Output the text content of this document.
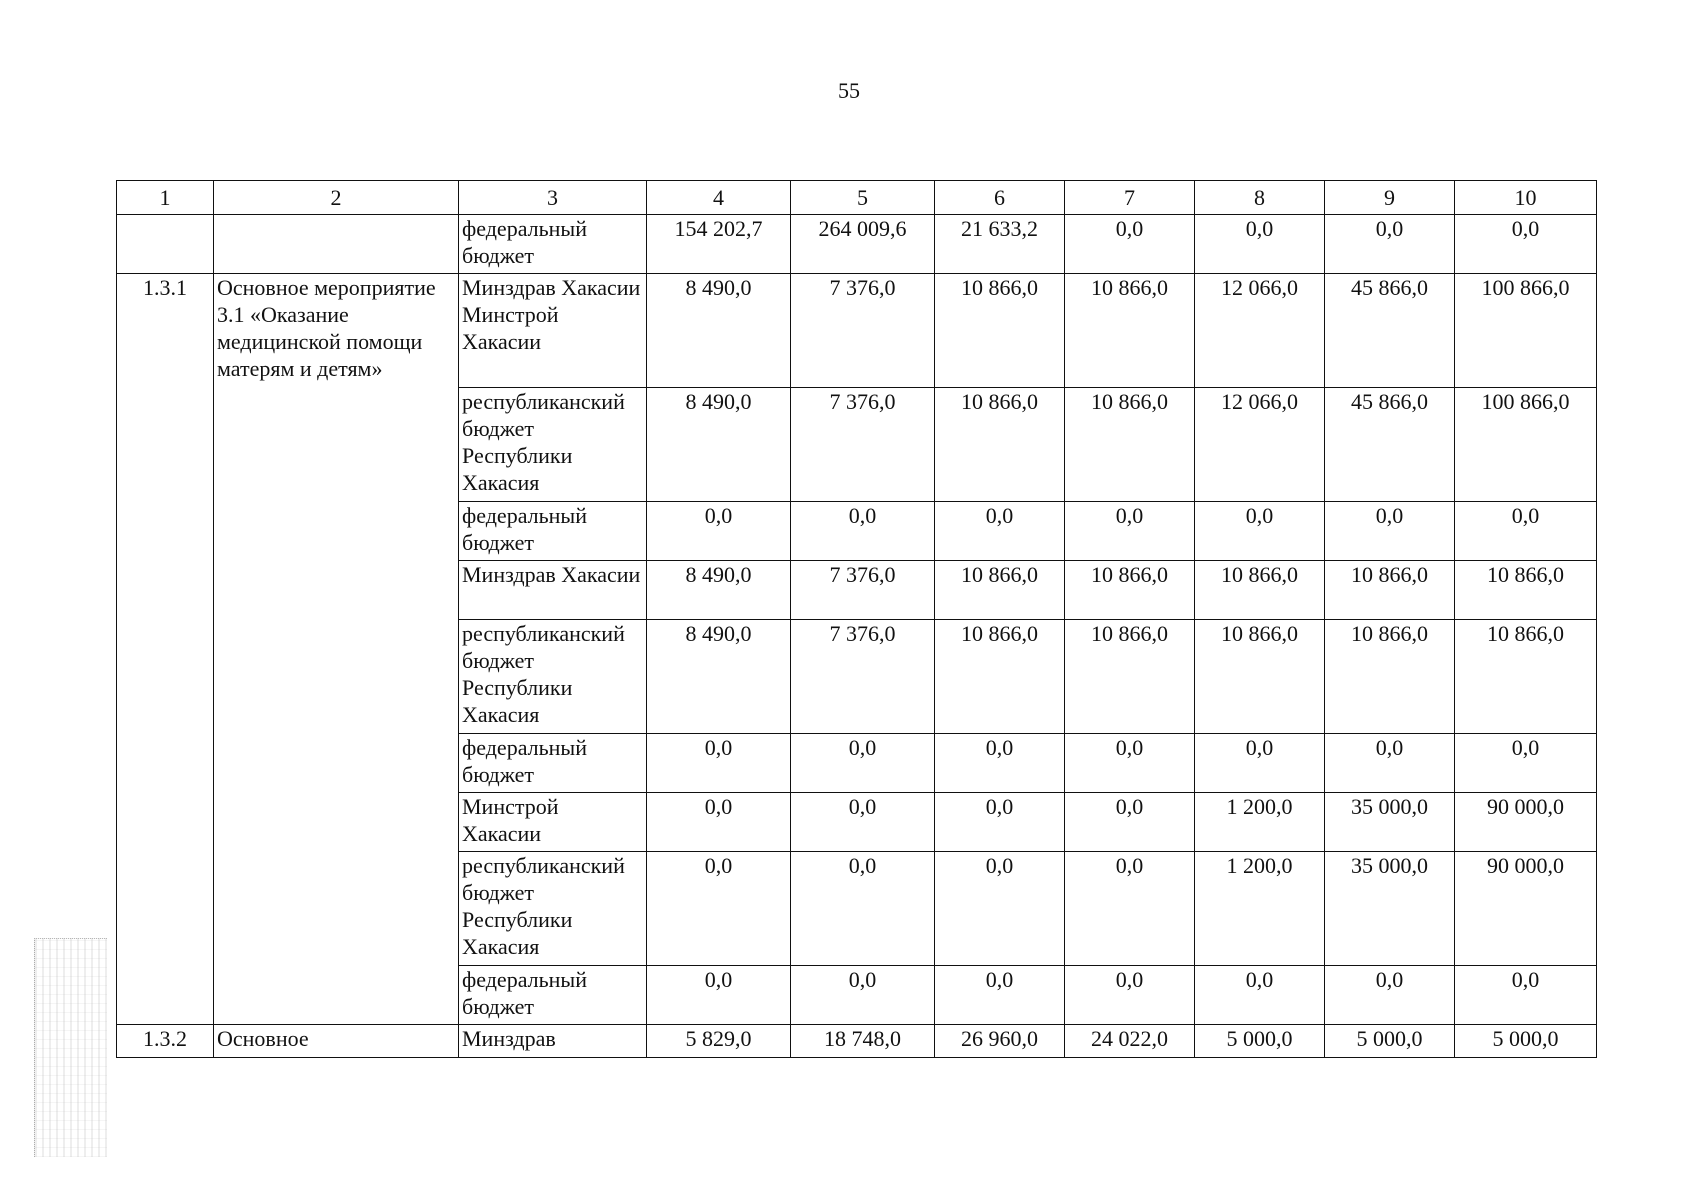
55
1	2	3	4	5	6	7	8	9	10
		федеральный бюджет	154 202,7	264 009,6	21 633,2	0,0	0,0	0,0	0,0
1.3.1	Основное мероприятие 3.1 «Оказание медицинской помощи матерям и детям»	Минздрав Хакасии Минстрой Хакасии	8 490,0	7 376,0	10 866,0	10 866,0	12 066,0	45 866,0	100 866,0
		республиканский бюджет Республики Хакасия	8 490,0	7 376,0	10 866,0	10 866,0	12 066,0	45 866,0	100 866,0
		федеральный бюджет	0,0	0,0	0,0	0,0	0,0	0,0	0,0
		Минздрав Хакасии	8 490,0	7 376,0	10 866,0	10 866,0	10 866,0	10 866,0	10 866,0
		республиканский бюджет Республики Хакасия	8 490,0	7 376,0	10 866,0	10 866,0	10 866,0	10 866,0	10 866,0
		федеральный бюджет	0,0	0,0	0,0	0,0	0,0	0,0	0,0
		Минстрой Хакасии	0,0	0,0	0,0	0,0	1 200,0	35 000,0	90 000,0
		республиканский бюджет Республики Хакасия	0,0	0,0	0,0	0,0	1 200,0	35 000,0	90 000,0
		федеральный бюджет	0,0	0,0	0,0	0,0	0,0	0,0	0,0
1.3.2	Основное	Минздрав	5 829,0	18 748,0	26 960,0	24 022,0	5 000,0	5 000,0	5 000,0
